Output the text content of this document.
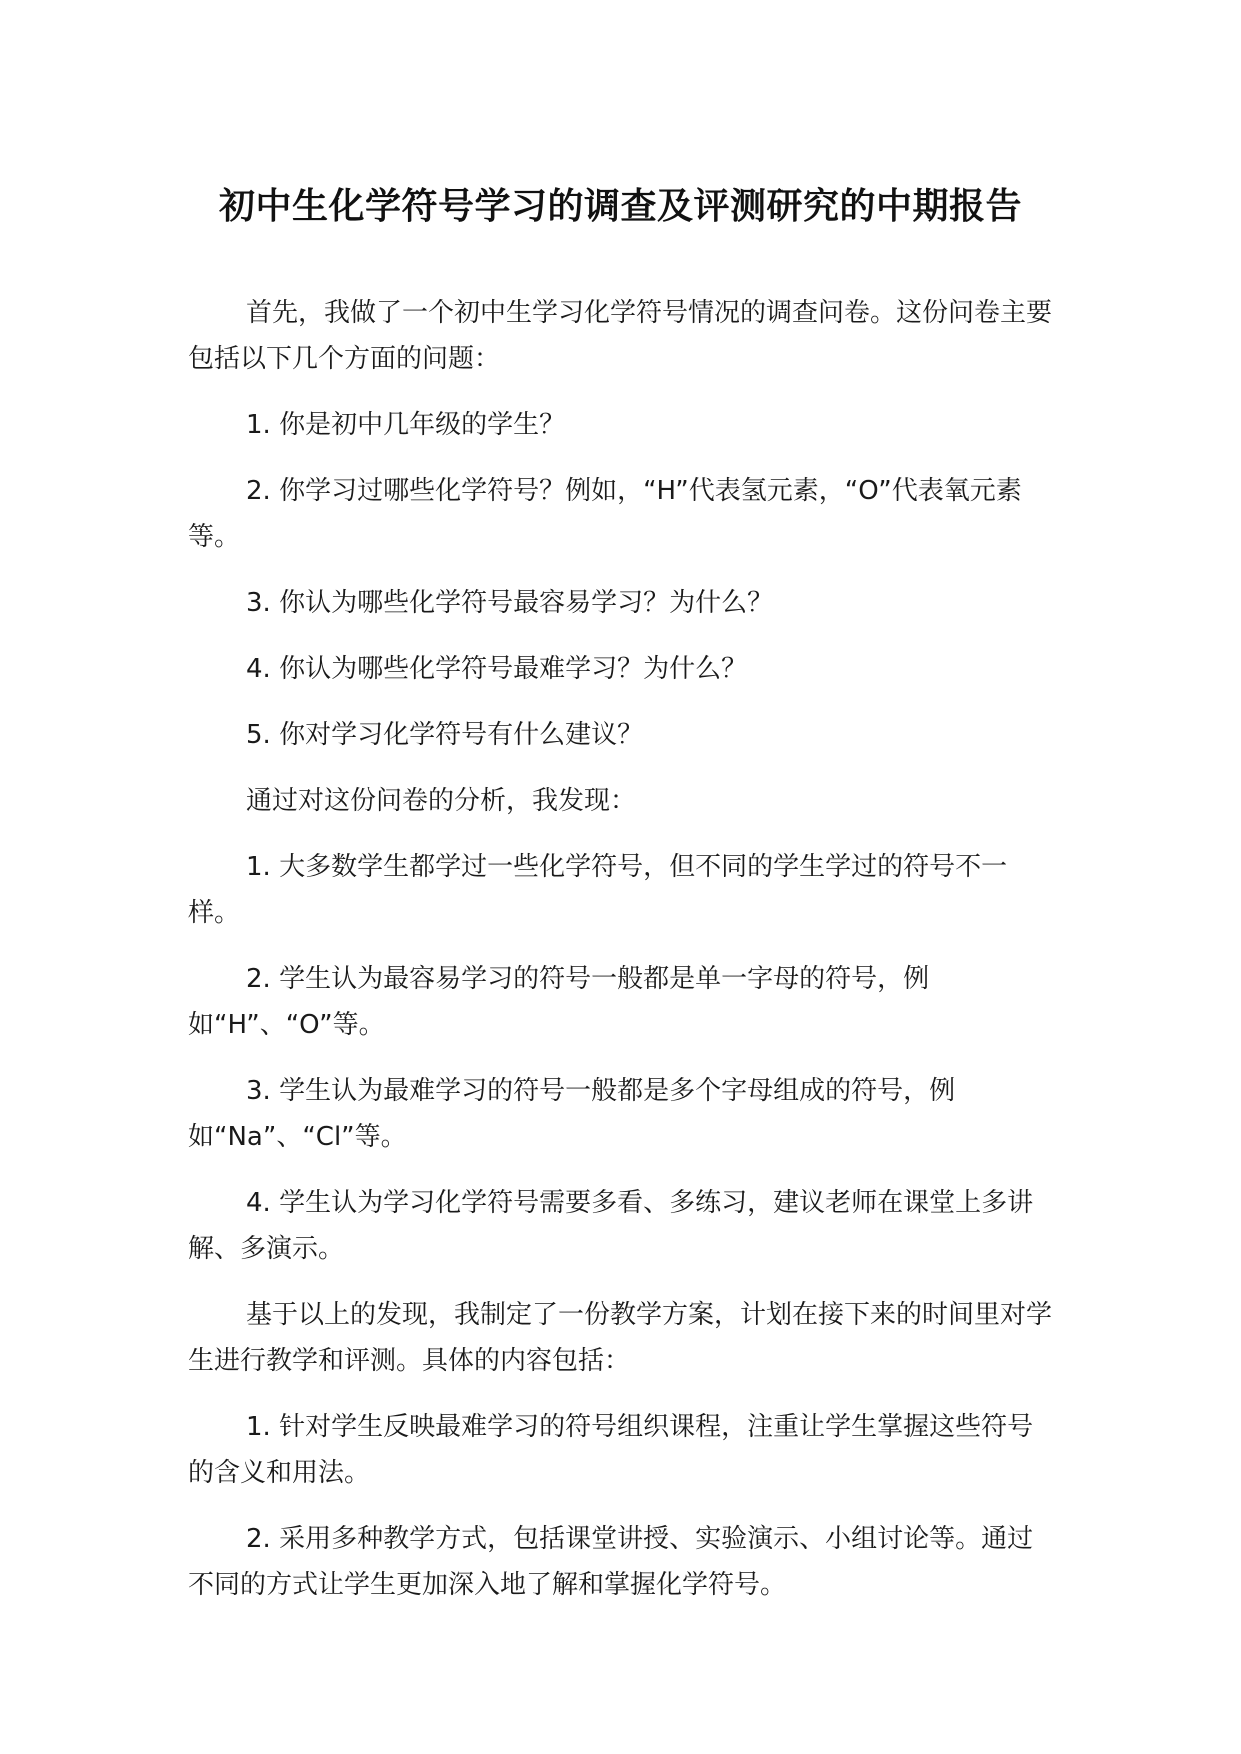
初中生化学符号学习的调查及评测研究的中期报告

首先，我做了一个初中生学习化学符号情况的调查问卷。这份问卷主要包括以下几个方面的问题：

1. 你是初中几年级的学生？

2. 你学习过哪些化学符号？例如，“H”代表氢元素，“O”代表氧元素等。

3. 你认为哪些化学符号最容易学习？为什么？

4. 你认为哪些化学符号最难学习？为什么？

5. 你对学习化学符号有什么建议？

通过对这份问卷的分析，我发现：

1. 大多数学生都学过一些化学符号，但不同的学生学过的符号不一样。

2. 学生认为最容易学习的符号一般都是单一字母的符号，例如“H”、“O”等。

3. 学生认为最难学习的符号一般都是多个字母组成的符号，例如“Na”、“Cl”等。

4. 学生认为学习化学符号需要多看、多练习，建议老师在课堂上多讲解、多演示。

基于以上的发现，我制定了一份教学方案，计划在接下来的时间里对学生进行教学和评测。具体的内容包括：

1. 针对学生反映最难学习的符号组织课程，注重让学生掌握这些符号的含义和用法。

2. 采用多种教学方式，包括课堂讲授、实验演示、小组讨论等。通过不同的方式让学生更加深入地了解和掌握化学符号。
